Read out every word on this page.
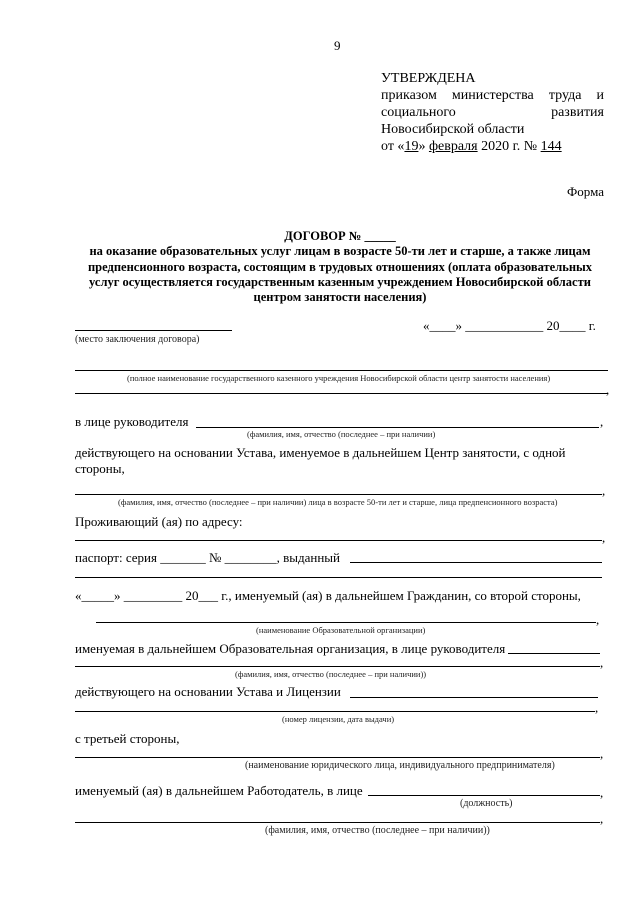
9
УТВЕРЖДЕНА
приказом министерства труда и
социального	развития
Новосибирской области
от «19» февраля 2020 г. № 144
Форма
ДОГОВОР № _____
на оказание образовательных услуг лицам в возрасте 50-ти лет и старше, а также лицам
предпенсионного возраста, состоящим в трудовых отношениях (оплата образовательных
услуг осуществляется государственным казенным учреждением Новосибирской области
центром занятости населения)
(место заключения договора)
«____» ____________ 20____ г.
(полное наименование государственного казенного учреждения Новосибирской области центр занятости населения)
,
в лице руководителя	,
(фамилия, имя, отчество (последнее – при наличии)
действующего на основании Устава, именуемое в дальнейшем Центр занятости, с одной
стороны,
,
(фамилия, имя, отчество (последнее – при наличии) лица в возрасте 50-ти лет и старше, лица предпенсионного возраста)
Проживающий (ая) по адресу:
,
паспорт: серия _______ № ________, выданный
«_____» _________ 20___ г., именуемый (ая) в дальнейшем Гражданин, со второй стороны,
,
(наименование Образовательной организации)
именуемая в дальнейшем Образовательная организация, в лице руководителя
,
(фамилия, имя, отчество (последнее – при наличии))
действующего на основании Устава и Лицензии
,
(номер лицензии, дата выдачи)
с третьей стороны,
,
(наименование юридического лица, индивидуального предпринимателя)
именуемый (ая) в дальнейшем Работодатель, в лице	,
(должность)
,
(фамилия, имя, отчество (последнее – при наличии))
